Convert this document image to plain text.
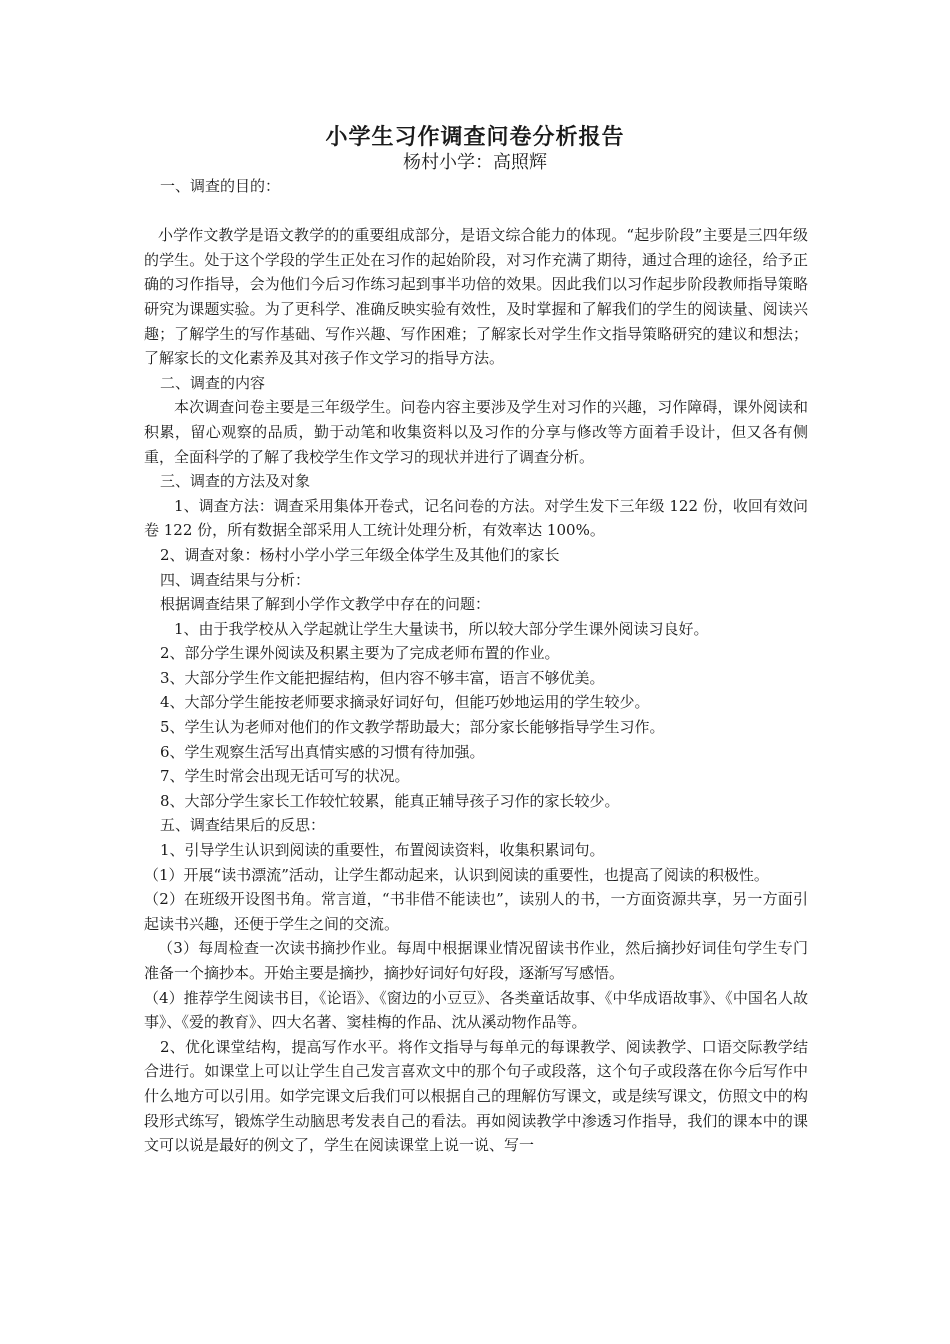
小学生习作调查问卷分析报告
杨村小学：高照辉

一、调查的目的：

小学作文教学是语文教学的的重要组成部分，是语文综合能力的体现。“起步阶段”主要是三四年级的学生。处于这个学段的学生正处在习作的起始阶段，对习作充满了期待，通过合理的途径，给予正确的习作指导，会为他们今后习作练习起到事半功倍的效果。因此我们以习作起步阶段教师指导策略研究为课题实验。为了更科学、准确反映实验有效性，及时掌握和了解我们的学生的阅读量、阅读兴趣；了解学生的写作基础、写作兴趣、写作困难；了解家长对学生作文指导策略研究的建议和想法；了解家长的文化素养及其对孩子作文学习的指导方法。

二、调查的内容

本次调查问卷主要是三年级学生。问卷内容主要涉及学生对习作的兴趣，习作障碍，课外阅读和积累，留心观察的品质，勤于动笔和收集资料以及习作的分享与修改等方面着手设计，但又各有侧重，全面科学的了解了我校学生作文学习的现状并进行了调查分析。

三、调查的方法及对象

1、调查方法：调查采用集体开卷式，记名问卷的方法。对学生发下三年级 122 份，收回有效问卷 122 份，所有数据全部采用人工统计处理分析，有效率达 100%。

2、调查对象：杨村小学小学三年级全体学生及其他们的家长

四、调查结果与分析：

根据调查结果了解到小学作文教学中存在的问题：

1、由于我学校从入学起就让学生大量读书，所以较大部分学生课外阅读习良好。

2、部分学生课外阅读及积累主要为了完成老师布置的作业。

3、大部分学生作文能把握结构，但内容不够丰富，语言不够优美。

4、大部分学生能按老师要求摘录好词好句，但能巧妙地运用的学生较少。

5、学生认为老师对他们的作文教学帮助最大；部分家长能够指导学生习作。

6、学生观察生活写出真情实感的习惯有待加强。

7、学生时常会出现无话可写的状况。

8、大部分学生家长工作较忙较累，能真正辅导孩子习作的家长较少。

五、调查结果后的反思：

1、引导学生认识到阅读的重要性，布置阅读资料，收集积累词句。

（1）开展“读书漂流”活动，让学生都动起来，认识到阅读的重要性，也提高了阅读的积极性。

（2）在班级开设图书角。常言道，“书非借不能读也”，读别人的书，一方面资源共享，另一方面引起读书兴趣，还便于学生之间的交流。

（3）每周检查一次读书摘抄作业。每周中根据课业情况留读书作业，然后摘抄好词佳句学生专门准备一个摘抄本。开始主要是摘抄，摘抄好词好句好段，逐渐写写感悟。

（4）推荐学生阅读书目，《论语》、《窗边的小豆豆》、各类童话故事、《中华成语故事》、《中国名人故事》、《爱的教育》、四大名著、窦桂梅的作品、沈从溪动物作品等。

2、优化课堂结构，提高写作水平。将作文指导与每单元的每课教学、阅读教学、口语交际教学结合进行。如课堂上可以让学生自己发言喜欢文中的那个句子或段落，这个句子或段落在你今后写作中什么地方可以引用。如学完课文后我们可以根据自己的理解仿写课文，或是续写课文，仿照文中的构段形式练写，锻炼学生动脑思考发表自己的看法。再如阅读教学中渗透习作指导，我们的课本中的课文可以说是最好的例文了，学生在阅读课堂上说一说、写一
